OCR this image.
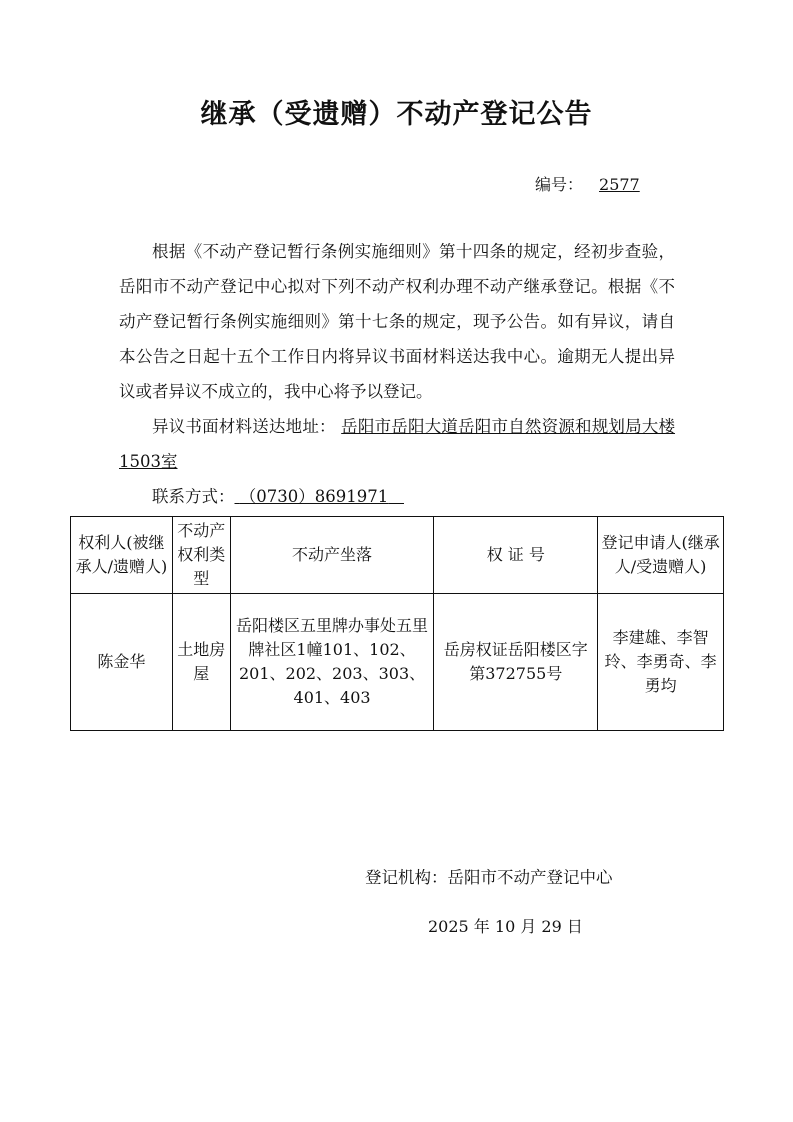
继承（受遗赠）不动产登记公告
编号： 2577

根据《不动产登记暂行条例实施细则》第十四条的规定，经初步查验，岳阳市不动产登记中心拟对下列不动产权利办理不动产继承登记。根据《不动产登记暂行条例实施细则》第十七条的规定，现予公告。如有异议，请自本公告之日起十五个工作日内将异议书面材料送达我中心。逾期无人提出异议或者异议不成立的，我中心将予以登记。

异议书面材料送达地址： 岳阳市岳阳大道岳阳市自然资源和规划局大楼1503室

联系方式： （0730）8691971

权利人(被继承人/遗赠人)	不动产权利类型	不动产坐落	权 证 号	登记申请人(继承人/受遗赠人)
陈金华	土地房屋	岳阳楼区五里牌办事处五里牌社区1幢101、102、201、202、203、303、401、403	岳房权证岳阳楼区字第372755号	李建雄、李智玲、李勇奇、李勇均
登记机构：岳阳市不动产登记中心
2025 年 10 月 29 日
